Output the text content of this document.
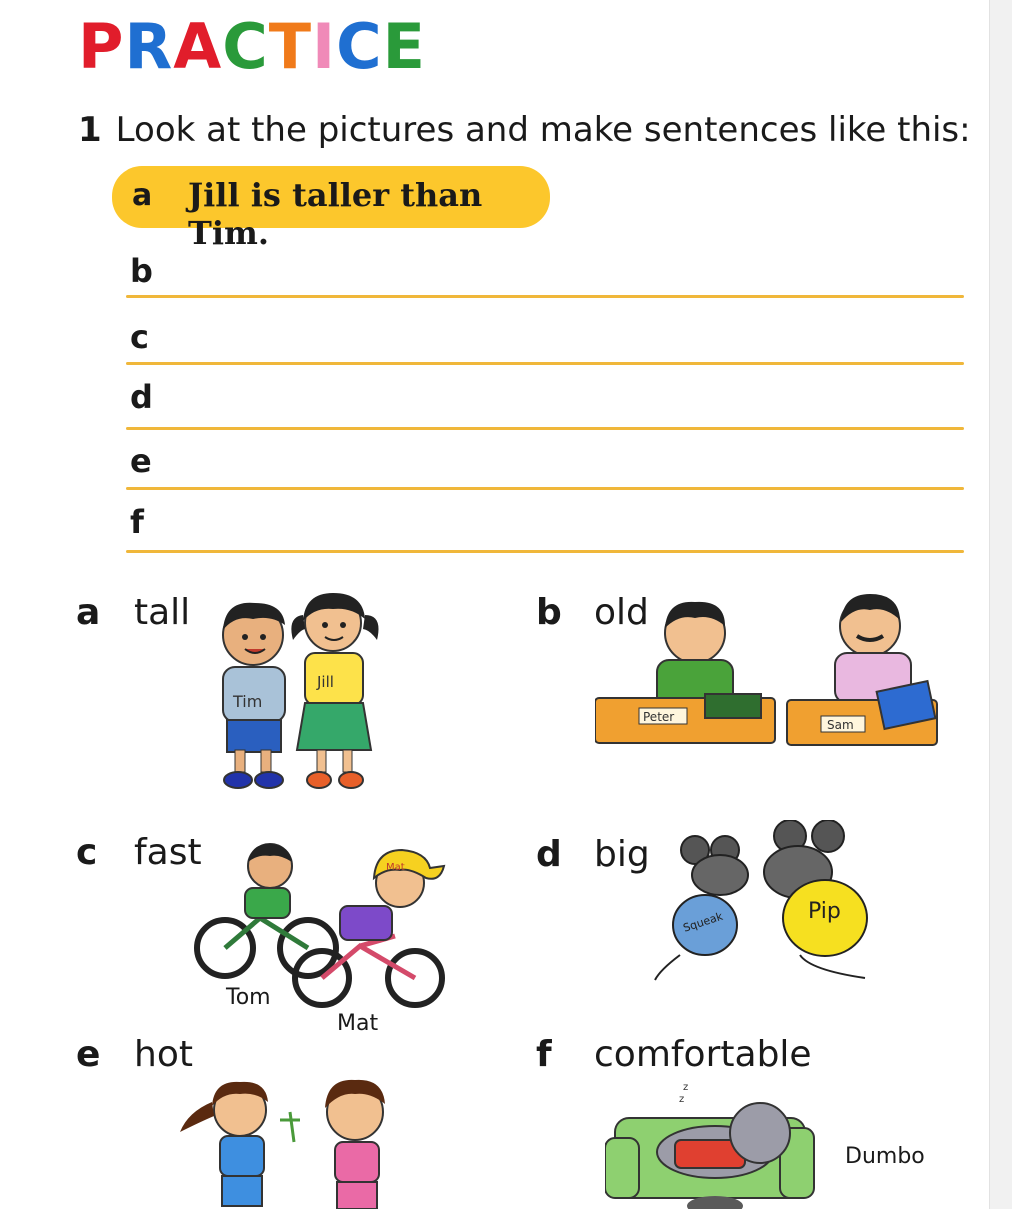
PRACTICE
1 Look at the pictures and make sentences like this:
a Jill is taller than Tim.
b
c
d
e
f
a tall	b old
c fast	d big
e hot	f comfortable
Tim
Jill
Peter
Sam
Mat
Tom
Mat
Squeak	Pip
z
z
Dumbo
